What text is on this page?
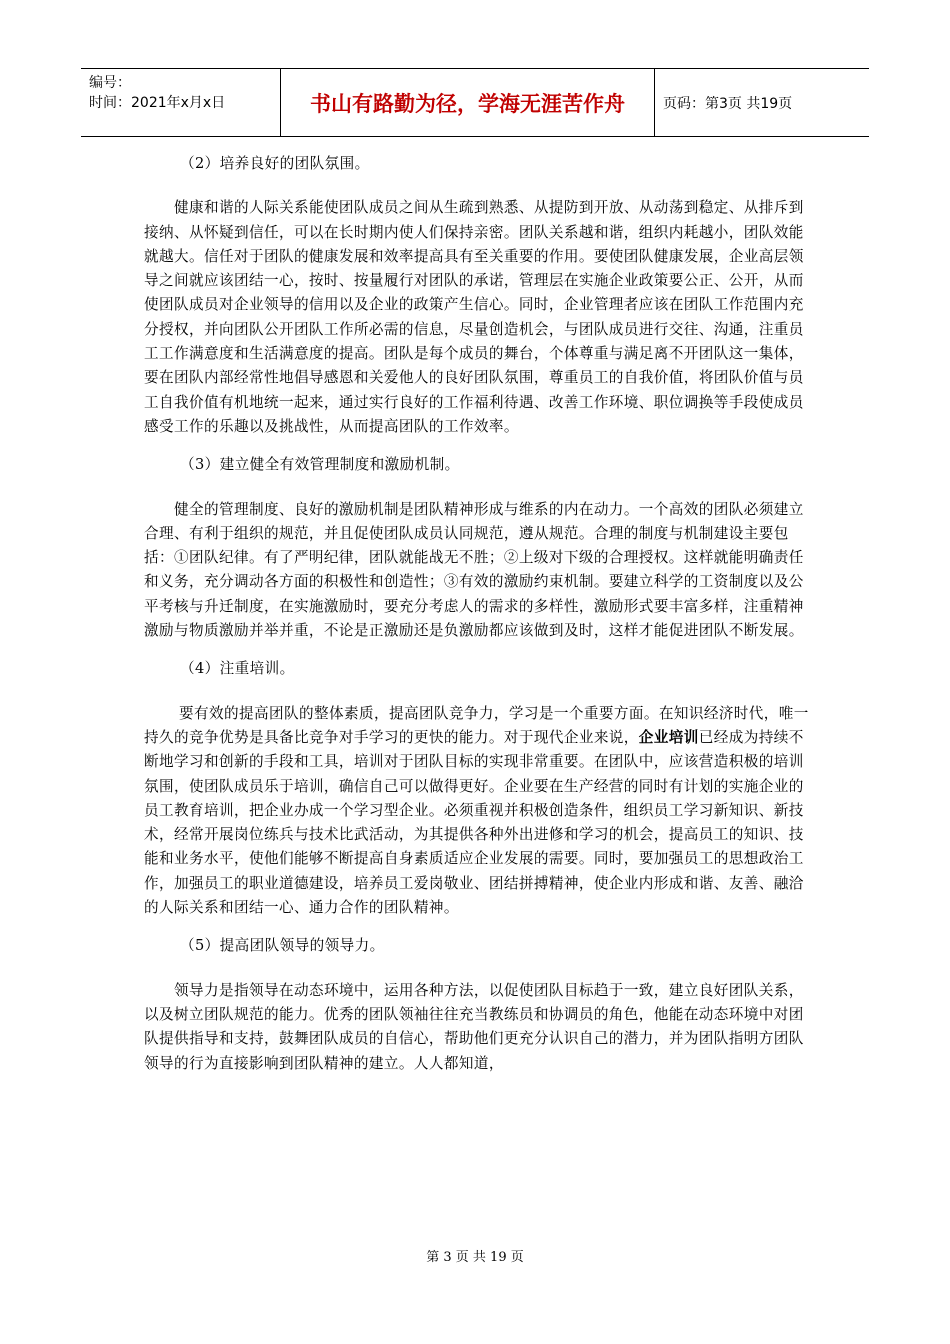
编号：
时间：2021年x月x日	书山有路勤为径，学海无涯苦作舟	页码：第3页 共19页

（2）培养良好的团队氛围。

　　健康和谐的人际关系能使团队成员之间从生疏到熟悉、从提防到开放、从动荡到稳定、从排斥到接纳、从怀疑到信任，可以在长时期内使人们保持亲密。团队关系越和谐，组织内耗越小，团队效能就越大。信任对于团队的健康发展和效率提高具有至关重要的作用。要使团队健康发展，企业高层领导之间就应该团结一心，按时、按量履行对团队的承诺，管理层在实施企业政策要公正、公开，从而使团队成员对企业领导的信用以及企业的政策产生信心。同时，企业管理者应该在团队工作范围内充分授权，并向团队公开团队工作所必需的信息，尽量创造机会，与团队成员进行交往、沟通，注重员工工作满意度和生活满意度的提高。团队是每个成员的舞台，个体尊重与满足离不开团队这一集体，要在团队内部经常性地倡导感恩和关爱他人的良好团队氛围，尊重员工的自我价值，将团队价值与员工自我价值有机地统一起来，通过实行良好的工作福利待遇、改善工作环境、职位调换等手段使成员感受工作的乐趣以及挑战性，从而提高团队的工作效率。

（3）建立健全有效管理制度和激励机制。

　　健全的管理制度、良好的激励机制是团队精神形成与维系的内在动力。一个高效的团队必须建立合理、有利于组织的规范，并且促使团队成员认同规范，遵从规范。合理的制度与机制建设主要包括：①团队纪律。有了严明纪律，团队就能战无不胜；②上级对下级的合理授权。这样就能明确责任和义务，充分调动各方面的积极性和创造性；③有效的激励约束机制。要建立科学的工资制度以及公平考核与升迁制度，在实施激励时，要充分考虑人的需求的多样性，激励形式要丰富多样，注重精神激励与物质激励并举并重，不论是正激励还是负激励都应该做到及时，这样才能促进团队不断发展。

（4）注重培训。

　　 要有效的提高团队的整体素质，提高团队竞争力，学习是一个重要方面。在知识经济时代，唯一持久的竞争优势是具备比竞争对手学习的更快的能力。对于现代企业来说，企业培训已经成为持续不断地学习和创新的手段和工具，培训对于团队目标的实现非常重要。在团队中，应该营造积极的培训氛围，使团队成员乐于培训，确信自己可以做得更好。企业要在生产经营的同时有计划的实施企业的员工教育培训，把企业办成一个学习型企业。必须重视并积极创造条件，组织员工学习新知识、新技术，经常开展岗位练兵与技术比武活动，为其提供各种外出进修和学习的机会，提高员工的知识、技能和业务水平，使他们能够不断提高自身素质适应企业发展的需要。同时，要加强员工的思想政治工作，加强员工的职业道德建设，培养员工爱岗敬业、团结拼搏精神，使企业内形成和谐、友善、融洽的人际关系和团结一心、通力合作的团队精神。

（5）提高团队领导的领导力。

　　领导力是指领导在动态环境中，运用各种方法，以促使团队目标趋于一致，建立良好团队关系，以及树立团队规范的能力。优秀的团队领袖往往充当教练员和协调员的角色，他能在动态环境中对团队提供指导和支持，鼓舞团队成员的自信心，帮助他们更充分认识自己的潜力，并为团队指明方团队领导的行为直接影响到团队精神的建立。人人都知道，

第 3 页 共 19 页
